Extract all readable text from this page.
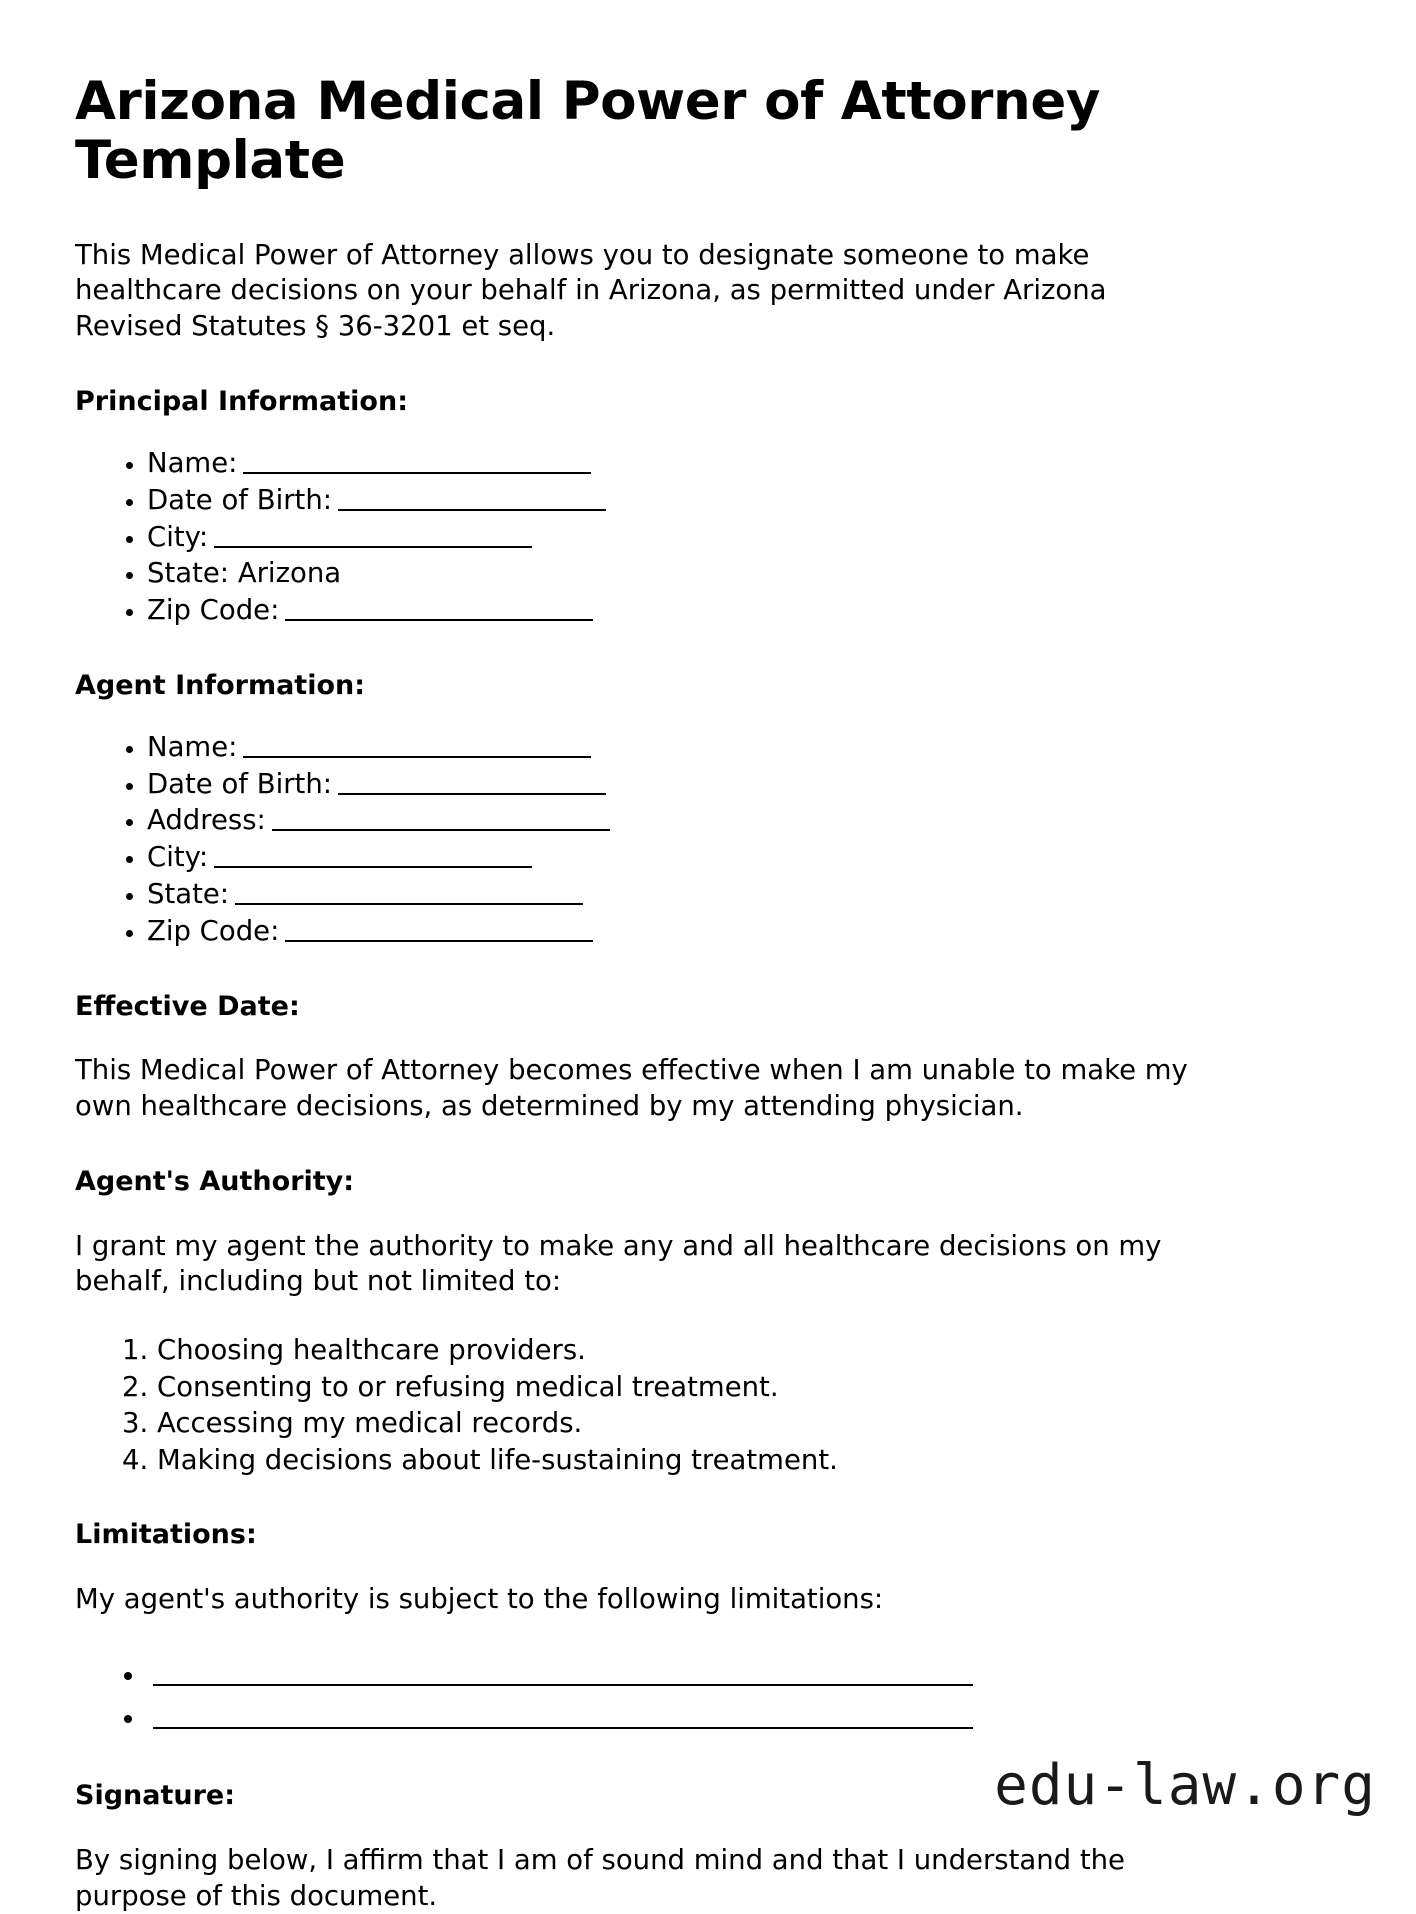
Arizona Medical Power of Attorney Template

This Medical Power of Attorney allows you to designate someone to make healthcare decisions on your behalf in Arizona, as permitted under Arizona Revised Statutes § 36-3201 et seq.

Principal Information:
• Name:
• Date of Birth:
• City:
• State: Arizona
• Zip Code:
Agent Information:
• Name:
• Date of Birth:
• Address:
• City:
• State:
• Zip Code:
Effective Date:

This Medical Power of Attorney becomes effective when I am unable to make my own healthcare decisions, as determined by my attending physician.

Agent's Authority:

I grant my agent the authority to make any and all healthcare decisions on my behalf, including but not limited to:

1. Choosing healthcare providers.
2. Consenting to or refusing medical treatment.
3. Accessing my medical records.
4. Making decisions about life-sustaining treatment.
Limitations:

My agent's authority is subject to the following limitations:

•
•
Signature:

By signing below, I affirm that I am of sound mind and that I understand the purpose of this document.

edu-law.org
